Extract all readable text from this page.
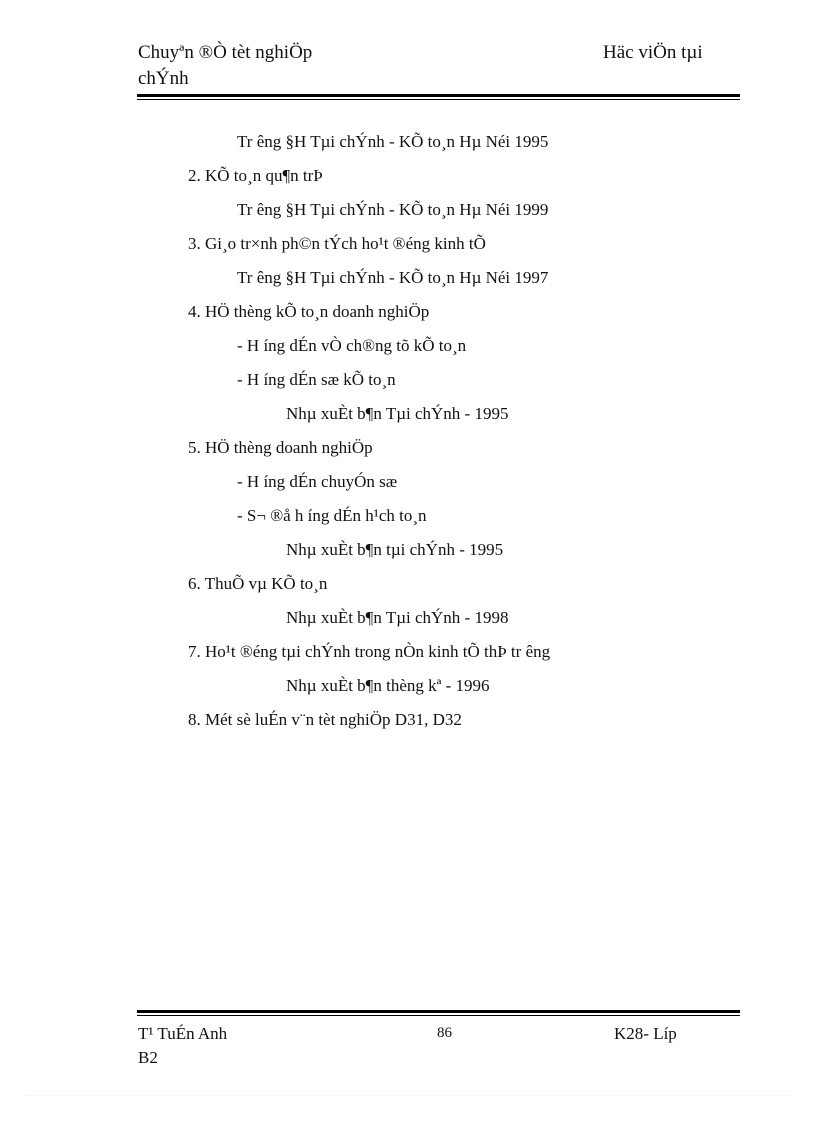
Chuyªn ®Ò tèt nghiÖp
chÝnh
Häc viÖn tµi
Tr êng §H Tµi chÝnh - KÕ to¸n Hµ Néi 1995
2. KÕ to¸n qu¶n trÞ
Tr êng §H Tµi chÝnh - KÕ to¸n Hµ Néi 1999
3. Gi¸o tr×nh ph©n tÝch ho¹t ®éng kinh tÕ
Tr êng §H Tµi chÝnh - KÕ to¸n Hµ Néi 1997
4. HÖ thèng kÕ to¸n doanh nghiÖp
- H íng dÉn vÒ ch®ng tõ kÕ to¸n
- H íng dÉn sæ kÕ to¸n
Nhµ xuÈt b¶n Tµi chÝnh - 1995
5. HÖ thèng doanh nghiÖp
- H íng dÉn chuyÓn sæ
- S¬ ®å h íng dÉn h¹ch to¸n
Nhµ xuÈt b¶n tµi chÝnh - 1995
6. ThuÕ vµ KÕ to¸n
Nhµ xuÈt b¶n Tµi chÝnh - 1998
7. Ho¹t ®éng tµi chÝnh trong nÒn kinh tÕ thÞ tr êng
Nhµ xuÈt b¶n thèng kª - 1996
8. Mét sè luÉn v¨n tèt nghiÖp D31, D32
T¹ TuÉn Anh
B2
86	K28- Líp
